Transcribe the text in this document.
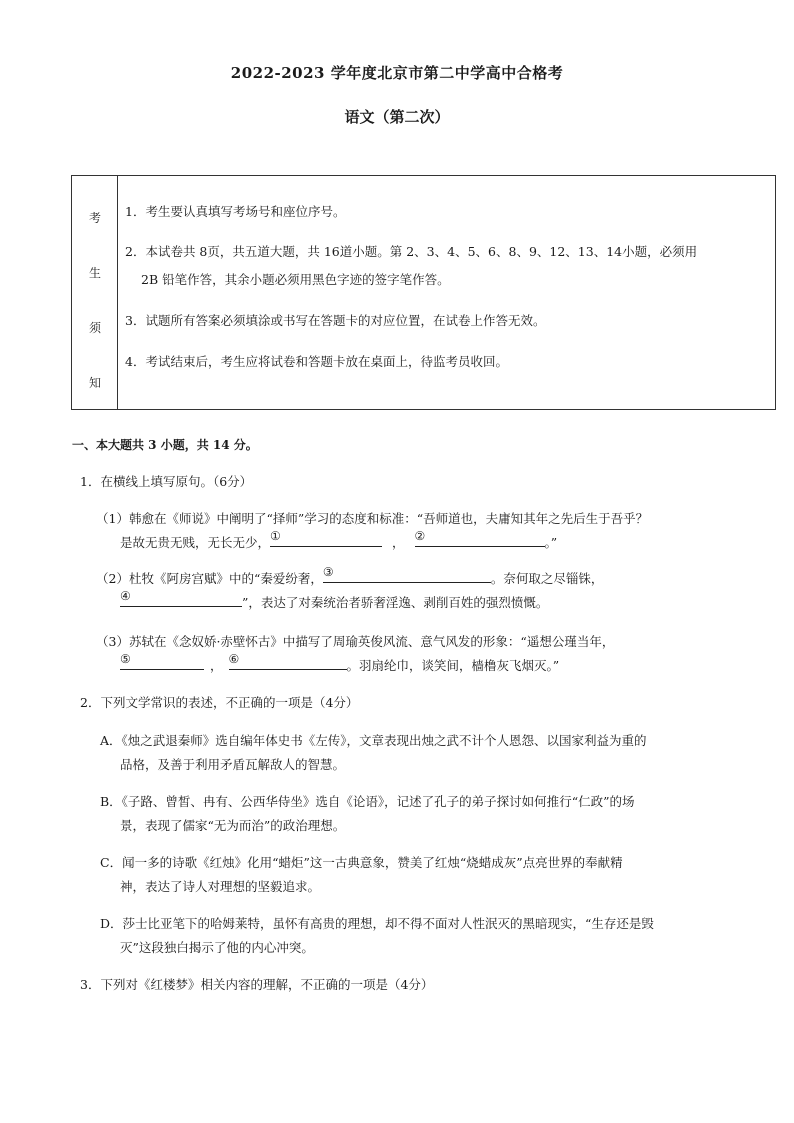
2022-2023 学年度北京市第二中学高中合格考
语文（第二次）
考
生
须
知
1．考生要认真填写考场号和座位序号。
2．本试卷共 8页，共五道大题，共 16道小题。第 2、3、4、5、6、8、9、12、13、14小题，必须用
2B 铅笔作答，其余小题必须用黑色字迹的签字笔作答。
3．试题所有答案必须填涂或书写在答题卡的对应位置，在试卷上作答无效。
4．考试结束后，考生应将试卷和答题卡放在桌面上，待监考员收回。
一、本大题共 3 小题，共 14 分。
1．在横线上填写原句。（6分）
（1）韩愈在《师说》中阐明了“择师”学习的态度和标准：“吾师道也，夫庸知其年之先后生于吾乎？
是故无贵无贱，无长无少， ①	， ②	。”
（2）杜牧《阿房宫赋》中的“秦爱纷奢， ③	。奈何取之尽锱铢，
④	”，表达了对秦统治者骄奢淫逸、剥削百姓的强烈愤慨。
（3）苏轼在《念奴娇·赤壁怀古》中描写了周瑜英俊风流、意气风发的形象：“遥想公瑾当年，
⑤	， ⑥	。羽扇纶巾，谈笑间，樯橹灰飞烟灭。”
2．下列文学常识的表述，不正确的一项是（4分）
A．《烛之武退秦师》选自编年体史书《左传》，文章表现出烛之武不计个人恩怨、以国家利益为重的
品格，及善于利用矛盾瓦解敌人的智慧。
B．《子路、曾皙、冉有、公西华侍坐》选自《论语》，记述了孔子的弟子探讨如何推行“仁政”的场
景，表现了儒家“无为而治”的政治理想。
C．闻一多的诗歌《红烛》化用“蜡炬”这一古典意象，赞美了红烛“烧蜡成灰”点亮世界的奉献精
神，表达了诗人对理想的坚毅追求。
D．莎士比亚笔下的哈姆莱特，虽怀有高贵的理想，却不得不面对人性泯灭的黑暗现实，“生存还是毁
灭”这段独白揭示了他的内心冲突。
3．下列对《红楼梦》相关内容的理解，不正确的一项是（4分）
